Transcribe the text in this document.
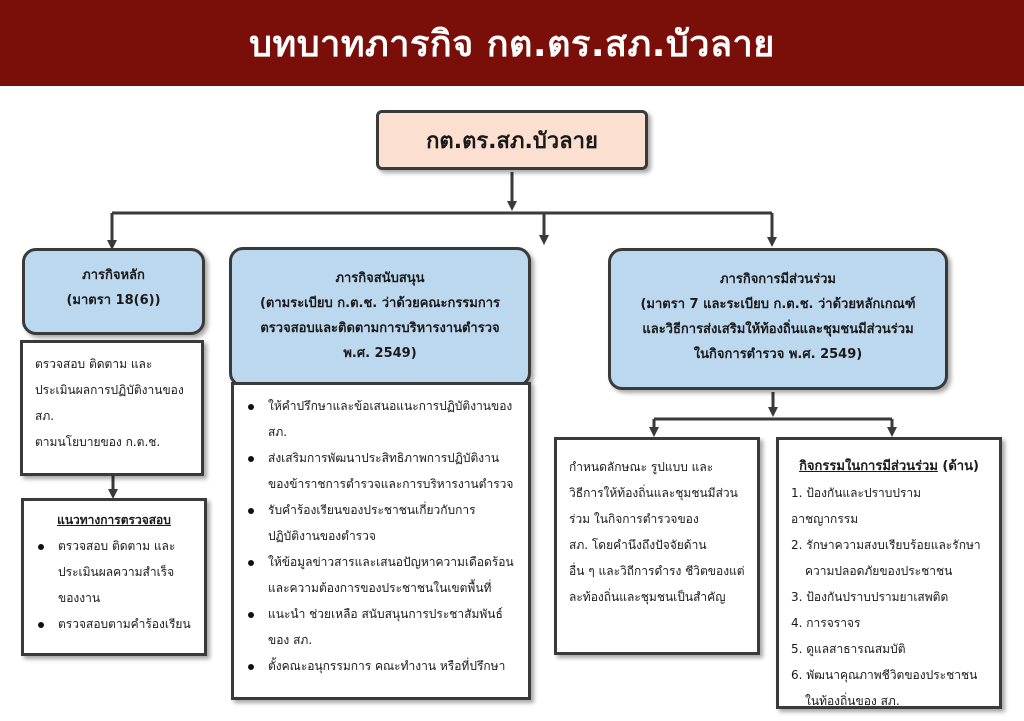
บทบาทภารกิจ กต.ตร.สภ.บัวลาย
กต.ตร.สภ.บัวลาย
ภารกิจหลัก
(มาตรา 18(6))
ตรวจสอบ ติดตาม และ
ประเมินผลการปฏิบัติงานของ
สภ.
ตามนโยบายของ ก.ต.ช.
แนวทางการตรวจสอบ
ตรวจสอบ ติดตาม และ
ประเมินผลความสำเร็จ
ของงาน
ตรวจสอบตามคำร้องเรียน
ภารกิจสนับสนุน
(ตามระเบียบ ก.ต.ช. ว่าด้วยคณะกรรมการ
ตรวจสอบและติดตามการบริหารงานตำรวจ
พ.ศ. 2549)
ให้คำปรึกษาและข้อเสนอแนะการปฏิบัติงานของ
สภ.
ส่งเสริมการพัฒนาประสิทธิภาพการปฏิบัติงาน
ของข้าราชการตำรวจและการบริหารงานตำรวจ
รับคำร้องเรียนของประชาชนเกี่ยวกับการ
ปฏิบัติงานของตำรวจ
ให้ข้อมูลข่าวสารและเสนอปัญหาความเดือดร้อน
และความต้องการของประชาชนในเขตพื้นที่
แนะนำ ช่วยเหลือ สนับสนุนการประชาสัมพันธ์
ของ สภ.
ตั้งคณะอนุกรรมการ คณะทำงาน หรือที่ปรึกษา
ภารกิจการมีส่วนร่วม
(มาตรา 7 และระเบียบ ก.ต.ช. ว่าด้วยหลักเกณฑ์
และวิธีการส่งเสริมให้ท้องถิ่นและชุมชนมีส่วนร่วม
ในกิจการตำรวจ พ.ศ. 2549)
กำหนดลักษณะ รูปแบบ และ
วิธีการให้ท้องถิ่นและชุมชนมีส่วน
ร่วม ในกิจการตำรวจของ
สภ. โดยคำนึงถึงปัจจัยด้าน
อื่น ๆ และวิถีการดำรง ชีวิตของแต่
ละท้องถิ่นและชุมชนเป็นสำคัญ
กิจกรรมในการมีส่วนร่วม (ด้าน)
1. ป้องกันและปราบปรามอาชญากรรม
2. รักษาความสงบเรียบร้อยและรักษา
ความปลอดภัยของประชาชน
3. ป้องกันปราบปรามยาเสพติด
4. การจราจร
5. ดูแลสาธารณสมบัติ
6. พัฒนาคุณภาพชีวิตของประชาชน
ในท้องถิ่นของ สภ.
